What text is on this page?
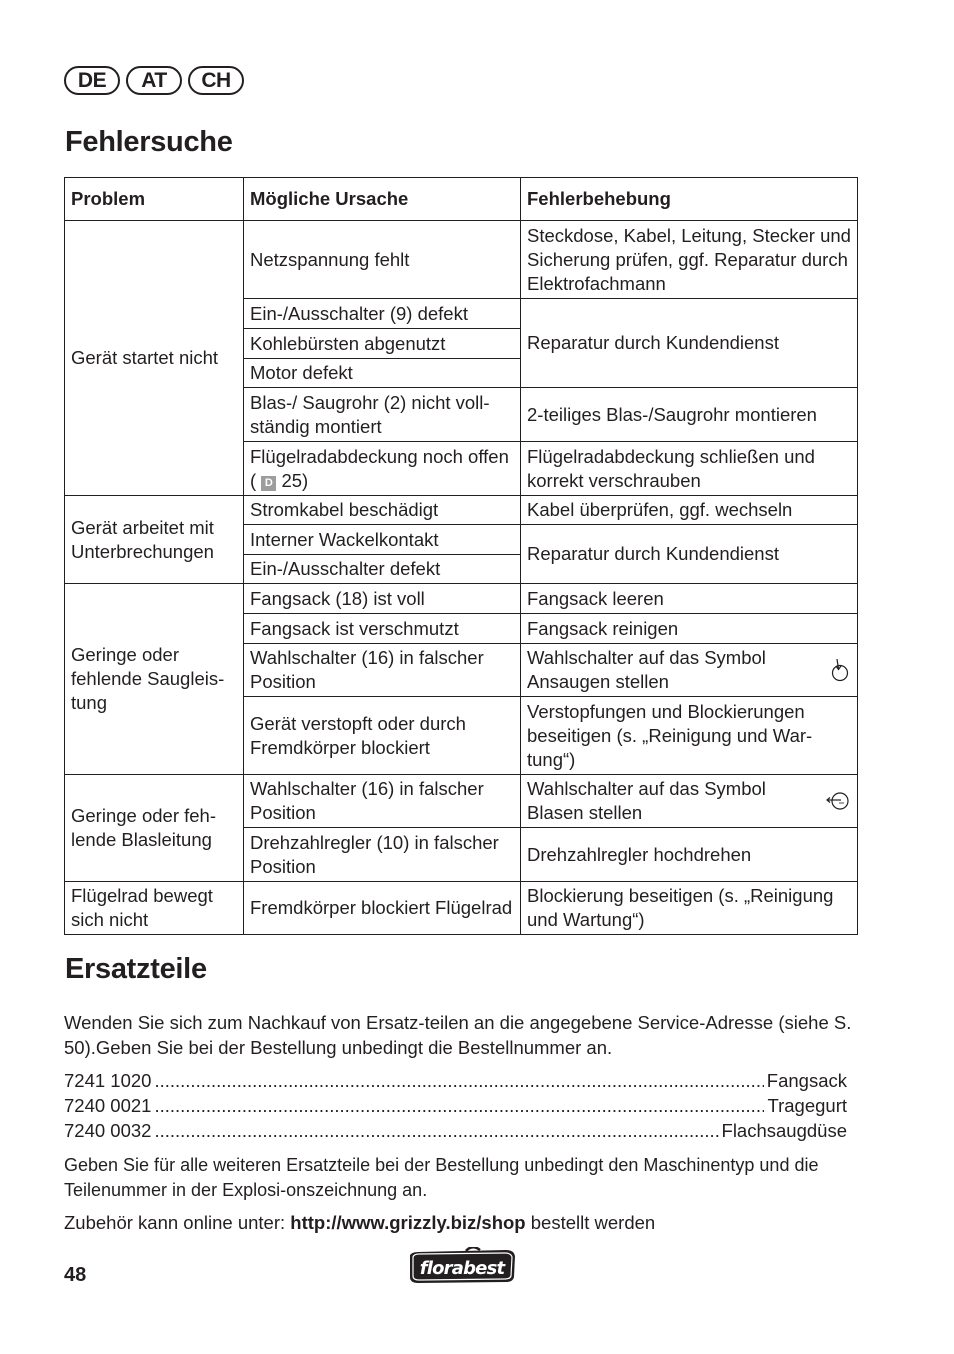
DE	AT	CH
Fehlersuche
Problem	Mögliche Ursache	Fehlerbehebung
Gerät startet nicht	Netzspannung fehlt	Steckdose, Kabel, Leitung, Stecker und Sicherung prüfen, ggf. Reparatur durch Elektrofachmann
	Ein-/Ausschalter (9) defekt	Reparatur durch Kundendienst
	Kohlebürsten abgenutzt	
	Motor defekt	
	Blas-/ Saugrohr (2) nicht vollständig montiert	2-teiliges Blas-/Saugrohr montieren
	Flügelradabdeckung noch offen ( D 25)	Flügelradabdeckung schließen und korrekt verschrauben
Gerät arbeitet mit Unterbrechungen	Stromkabel beschädigt	Kabel überprüfen, ggf. wechseln
	Interner Wackelkontakt	Reparatur durch Kundendienst
	Ein-/Ausschalter defekt	
Geringe oder fehlende Saugleistung	Fangsack (18) ist voll	Fangsack leeren
	Fangsack ist verschmutzt	Fangsack reinigen
	Wahlschalter (16) in falscher Position	Wahlschalter auf das Symbol Ansaugen stellen

	Gerät verstopft oder durch Fremdkörper blockiert	Verstopfungen und Blockierungen beseitigen (s. „Reinigung und Wartung“)
Geringe oder fehlende Blasleitung	Wahlschalter (16) in falscher Position	Wahlschalter auf das Symbol Blasen stellen

	Drehzahlregler (10) in falscher Position	Drehzahlregler hochdrehen
Flügelrad bewegt sich nicht	Fremdkörper blockiert Flügelrad	Blockierung beseitigen (s. „Reinigung und Wartung“)
Ersatzteile

Wenden Sie sich zum Nachkauf von Ersatz-teilen an die angegebene Service-Adresse (siehe S. 50).Geben Sie bei der Bestellung unbedingt die Bestellnummer an.

7241 1020 .....	Fangsack
7240 0021 .....	Tragegurt
7240 0032 .....	Flachsaugdüse

Geben Sie für alle weiteren Ersatzteile bei der Bestellung unbedingt den Maschinentyp und die Teilenummer in der Explosi-onszeichnung an.

Zubehör kann online unter: http://www.grizzly.biz/shop bestellt werden

48	florabest
